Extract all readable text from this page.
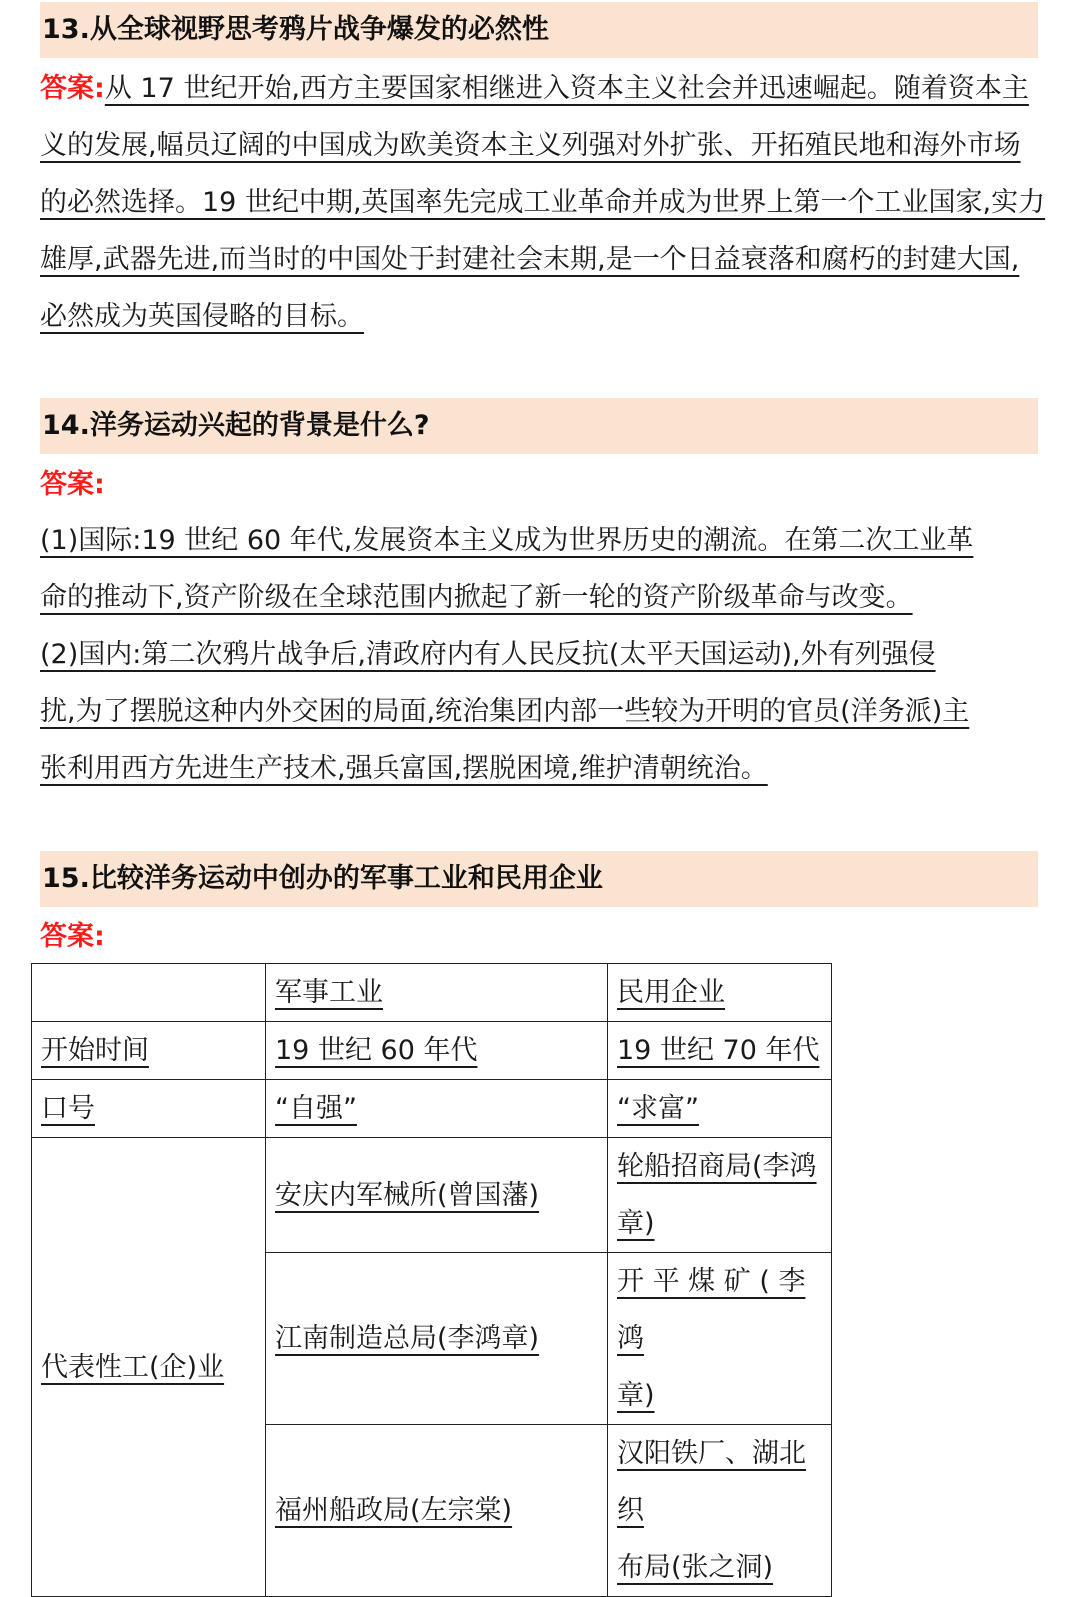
13.从全球视野思考鸦片战争爆发的必然性
答案:从 17 世纪开始,西方主要国家相继进入资本主义社会并迅速崛起。随着资本主
义的发展,幅员辽阔的中国成为欧美资本主义列强对外扩张、开拓殖民地和海外市场
的必然选择。19 世纪中期,英国率先完成工业革命并成为世界上第一个工业国家,实力
雄厚,武器先进,而当时的中国处于封建社会末期,是一个日益衰落和腐朽的封建大国,
必然成为英国侵略的目标。
14.洋务运动兴起的背景是什么?
答案:
(1)国际:19 世纪 60 年代,发展资本主义成为世界历史的潮流。在第二次工业革
命的推动下,资产阶级在全球范围内掀起了新一轮的资产阶级革命与改变。
(2)国内:第二次鸦片战争后,清政府内有人民反抗(太平天国运动),外有列强侵
扰,为了摆脱这种内外交困的局面,统治集团内部一些较为开明的官员(洋务派)主
张利用西方先进生产技术,强兵富国,摆脱困境,维护清朝统治。
15.比较洋务运动中创办的军事工业和民用企业
答案:
	军事工业	民用企业
开始时间	19 世纪 60 年代	19 世纪 70 年代
口号	“自强”	“求富”
代表性工(企)业	安庆内军械所(曾国藩)	轮船招商局(李鸿
章)

	江南制造总局(李鸿章)	开 平 煤 矿 ( 李 鸿
章)

	福州船政局(左宗棠)	汉阳铁厂、湖北织
布局(张之洞)
